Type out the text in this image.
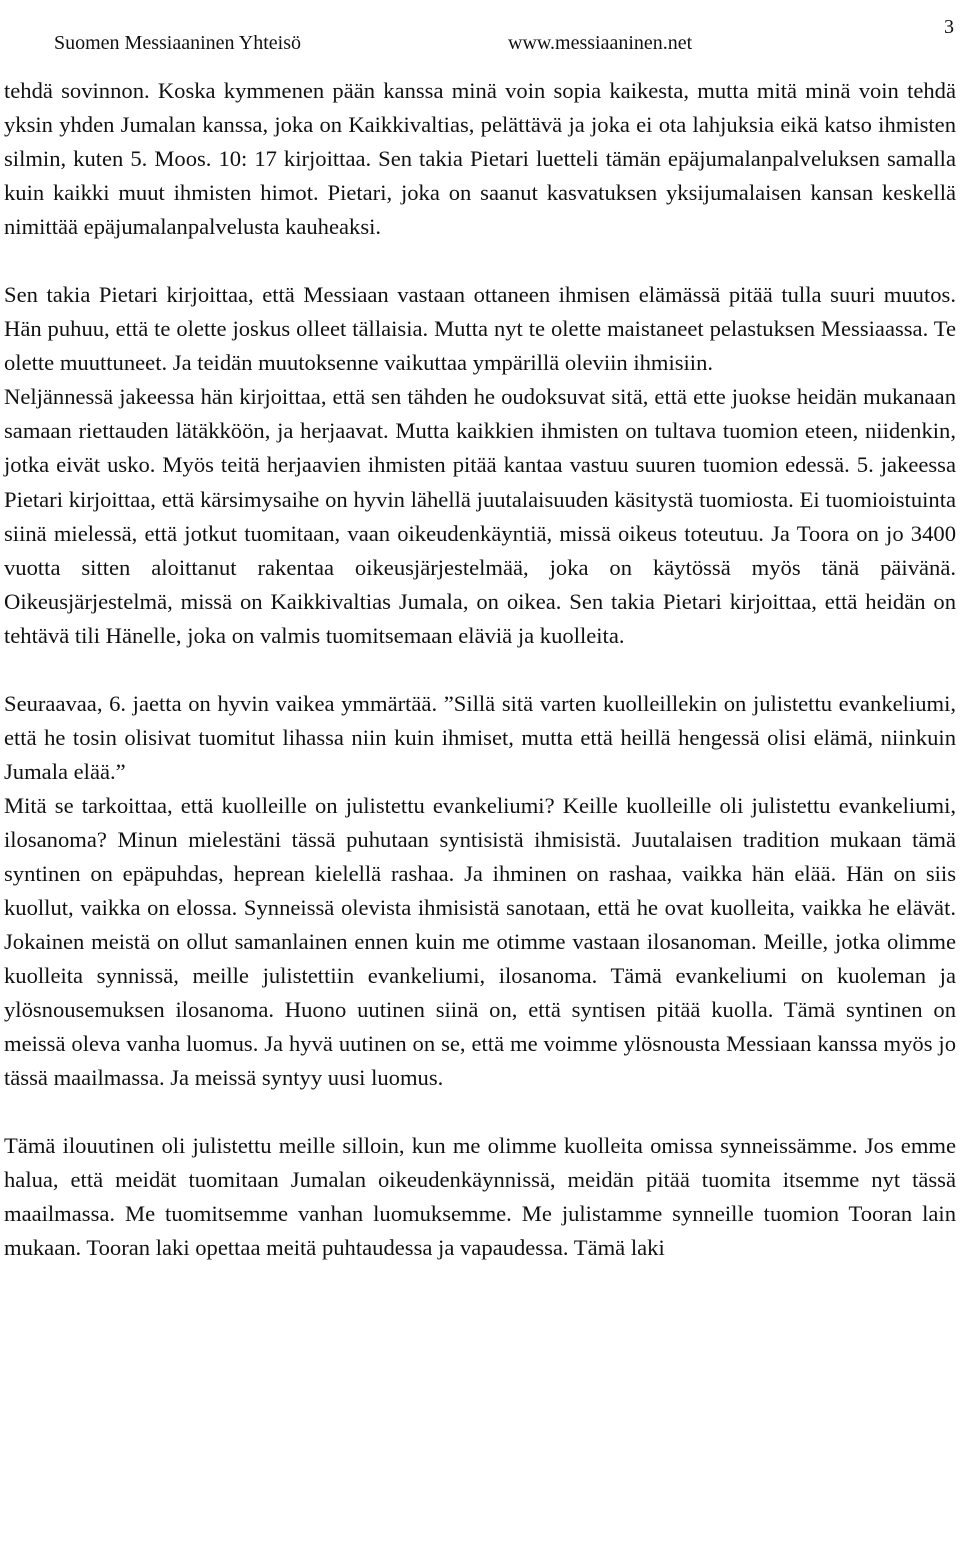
Suomen Messiaaninen Yhteisö	www.messiaaninen.net
3

tehdä sovinnon. Koska kymmenen pään kanssa minä voin sopia kaikesta, mutta mitä minä voin tehdä yksin yhden Jumalan kanssa, joka on Kaikkivaltias, pelättävä ja joka ei ota lahjuksia eikä katso ihmisten silmin, kuten 5. Moos. 10: 17 kirjoittaa. Sen takia Pietari luetteli tämän epäjumalanpalveluksen samalla kuin kaikki muut ihmisten himot. Pietari, joka on saanut kasvatuksen yksijumalaisen kansan keskellä nimittää epäjumalanpalvelusta kauheaksi.

Sen takia Pietari kirjoittaa, että Messiaan vastaan ottaneen ihmisen elämässä pitää tulla suuri muutos. Hän puhuu, että te olette joskus olleet tällaisia. Mutta nyt te olette maistaneet pelastuksen Messiaassa. Te olette muuttuneet. Ja teidän muutoksenne vaikuttaa ympärillä oleviin ihmisiin.

Neljännessä jakeessa hän kirjoittaa, että sen tähden he oudoksuvat sitä, että ette juokse heidän mukanaan samaan riettauden lätäkköön, ja herjaavat. Mutta kaikkien ihmisten on tultava tuomion eteen, niidenkin, jotka eivät usko. Myös teitä herjaavien ihmisten pitää kantaa vastuu suuren tuomion edessä. 5. jakeessa Pietari kirjoittaa, että kärsimysaihe on hyvin lähellä juutalaisuuden käsitystä tuomiosta. Ei tuomioistuinta siinä mielessä, että jotkut tuomitaan, vaan oikeudenkäyntiä, missä oikeus toteutuu. Ja Toora on jo 3400 vuotta sitten aloittanut rakentaa oikeusjärjestelmää, joka on käytössä myös tänä päivänä. Oikeusjärjestelmä, missä on Kaikkivaltias Jumala, on oikea. Sen takia Pietari kirjoittaa, että heidän on tehtävä tili Hänelle, joka on valmis tuomitsemaan eläviä ja kuolleita.

Seuraavaa, 6. jaetta on hyvin vaikea ymmärtää. ”Sillä sitä varten kuolleillekin on julistettu evankeliumi, että he tosin olisivat tuomitut lihassa niin kuin ihmiset, mutta että heillä hengessä olisi elämä, niinkuin Jumala elää.”

Mitä se tarkoittaa, että kuolleille on julistettu evankeliumi? Keille kuolleille oli julistettu evankeliumi, ilosanoma? Minun mielestäni tässä puhutaan syntisistä ihmisistä. Juutalaisen tradition mukaan tämä syntinen on epäpuhdas, heprean kielellä rashaa. Ja ihminen on rashaa, vaikka hän elää. Hän on siis kuollut, vaikka on elossa. Synneissä olevista ihmisistä sanotaan, että he ovat kuolleita, vaikka he elävät. Jokainen meistä on ollut samanlainen ennen kuin me otimme vastaan ilosanoman. Meille, jotka olimme kuolleita synnissä, meille julistettiin evankeliumi, ilosanoma. Tämä evankeliumi on kuoleman ja ylösnousemuksen ilosanoma. Huono uutinen siinä on, että syntisen pitää kuolla. Tämä syntinen on meissä oleva vanha luomus. Ja hyvä uutinen on se, että me voimme ylösnousta Messiaan kanssa myös jo tässä maailmassa. Ja meissä syntyy uusi luomus.

Tämä ilouutinen oli julistettu meille silloin, kun me olimme kuolleita omissa synneissämme. Jos emme halua, että meidät tuomitaan Jumalan oikeudenkäynnissä, meidän pitää tuomita itsemme nyt tässä maailmassa. Me tuomitsemme vanhan luomuksemme. Me julistamme synneille tuomion Tooran lain mukaan. Tooran laki opettaa meitä puhtaudessa ja vapaudessa. Tämä laki
